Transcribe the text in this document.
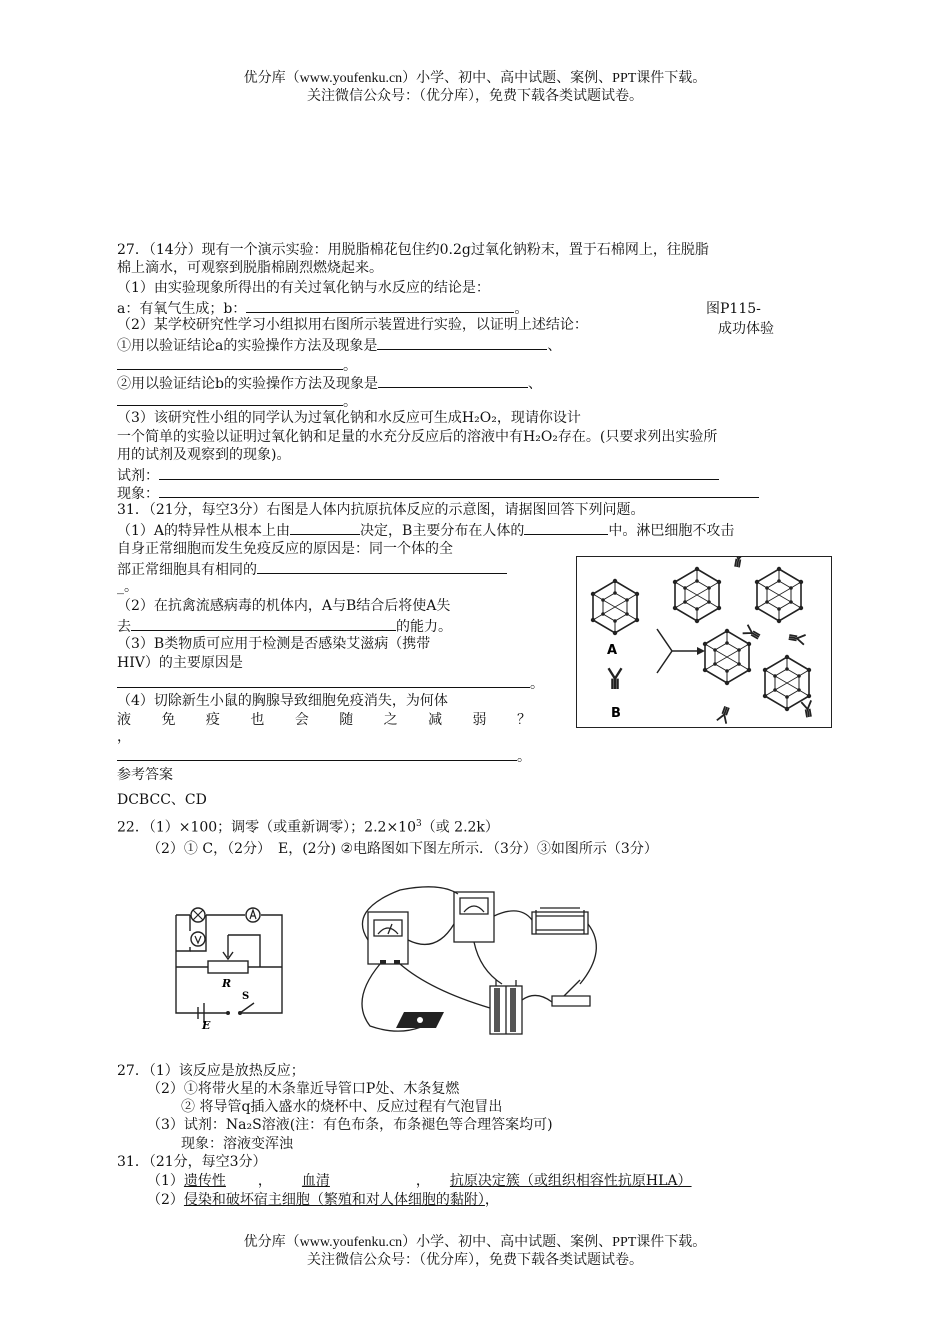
优分库（www.youfenku.cn）小学、初中、高中试题、案例、PPT课件下载。
关注微信公众号：（优分库），免费下载各类试题试卷。
27．（14分）现有一个演示实验：用脱脂棉花包住约0.2g过氧化钠粉末，置于石棉网上，往脱脂
棉上滴水，可观察到脱脂棉剧烈燃烧起来。
（1）由实验现象所得出的有关过氧化钠与水反应的结论是：
a：有氧气生成；b：	。	图P115-
成功体验
（2）某学校研究性学习小组拟用右图所示装置进行实验，以证明上述结论：
①用以验证结论a的实验操作方法及现象是	、
。
②用以验证结论b的实验操作方法及现象是	、
。
（3）该研究性小组的同学认为过氧化钠和水反应可生成H₂O₂，现请你设计
一个简单的实验以证明过氧化钠和足量的水充分反应后的溶液中有H₂O₂存在。(只要求列出实验所
用的试剂及观察到的现象)。
试剂：
现象：
31．（21分，每空3分）右图是人体内抗原抗体反应的示意图，请据图回答下列问题。
（1）A的特异性从根本上由	决定，B主要分布在人体的	中。淋巴细胞不攻击
自身正常细胞而发生免疫反应的原因是：同一个体的全
部正常细胞具有相同的
_。
（2）在抗禽流感病毒的机体内，A与B结合后将使A失
去	的能力。
（3）B类物质可应用于检测是否感染艾滋病（携带
HIV）的主要原因是
。
（4）切除新生小鼠的胸腺导致细胞免疫消失，为何体
液 免 疫 也 会 随 之 减 弱 ？
，
。
A
B
参考答案
DCBCC、CD
22．（1）×100；调零（或重新调零）；$2.2\times 10^3$（或 2.2k）
（2）① C，（2分）　E，(2分) ②电路图如下图左所示．（3分）③如图所示（3分）
R
S
E
27．（1）该反应是放热反应；
（2）①将带火星的木条靠近导管口P处、木条复燃
② 将导管q插入盛水的烧杯中、反应过程有气泡冒出
（3）试剂：Na₂S溶液(注：有色布条，布条褪色等合理答案均可)
现象：溶液变浑浊
31．（21分，每空3分）
（1）遗传性， 血清	， 抗原决定簇（或组织相容性抗原HLA）
（2）侵染和破坏宿主细胞（繁殖和对人体细胞的黏附），
优分库（www.youfenku.cn）小学、初中、高中试题、案例、PPT课件下载。
关注微信公众号：（优分库），免费下载各类试题试卷。
